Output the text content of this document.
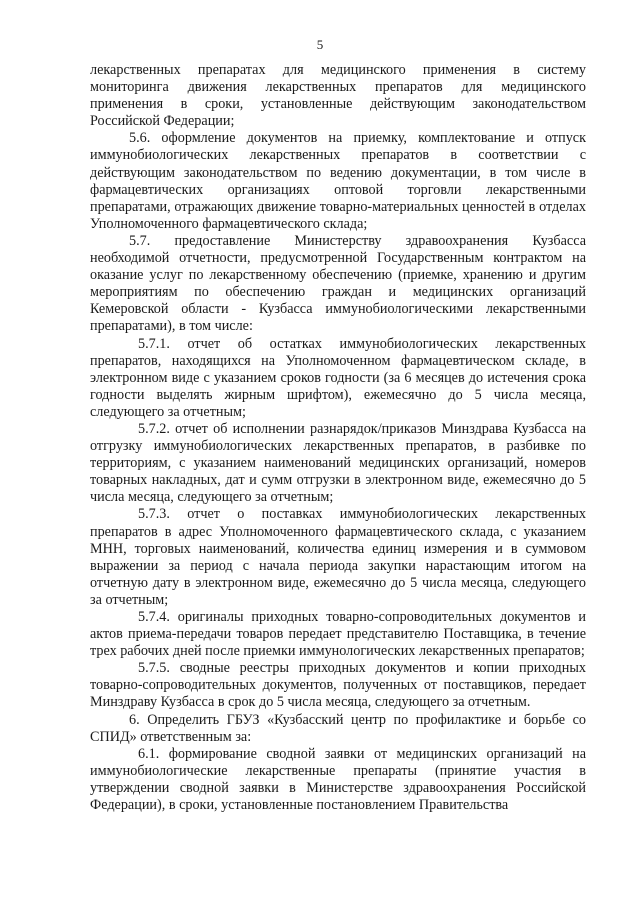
5

лекарственных препаратах для медицинского применения в систему мониторинга движения лекарственных препаратов для медицинского применения в сроки, установленные действующим законодательством Российской Федерации;

5.6. оформление документов на приемку, комплектование и отпуск иммунобиологических лекарственных препаратов в соответствии с действующим законодательством по ведению документации, в том числе в фармацевтических организациях оптовой торговли лекарственными препаратами, отражающих движение товарно-материальных ценностей в отделах Уполномоченного фармацевтического склада;

5.7. предоставление Министерству здравоохранения Кузбасса необходимой отчетности, предусмотренной Государственным контрактом на оказание услуг по лекарственному обеспечению (приемке, хранению и другим мероприятиям по обеспечению граждан и медицинских организаций Кемеровской области - Кузбасса иммунобиологическими лекарственными препаратами), в том числе:

5.7.1. отчет об остатках иммунобиологических лекарственных препаратов, находящихся на Уполномоченном фармацевтическом складе, в электронном виде с указанием сроков годности (за 6 месяцев до истечения срока годности выделять жирным шрифтом), ежемесячно до 5 числа месяца, следующего за отчетным;

5.7.2. отчет об исполнении разнарядок/приказов Минздрава Кузбасса на отгрузку иммунобиологических лекарственных препаратов, в разбивке по территориям, с указанием наименований медицинских организаций, номеров товарных накладных, дат и сумм отгрузки в электронном виде, ежемесячно до 5 числа месяца, следующего за отчетным;

5.7.3. отчет о поставках иммунобиологических лекарственных препаратов в адрес Уполномоченного фармацевтического склада, с указанием МНН, торговых наименований, количества единиц измерения и в суммовом выражении за период с начала периода закупки нарастающим итогом на отчетную дату в электронном виде, ежемесячно до 5 числа месяца, следующего за отчетным;

5.7.4. оригиналы приходных товарно-сопроводительных документов и актов приема-передачи товаров передает представителю Поставщика, в течение трех рабочих дней после приемки иммунологических лекарственных препаратов;

5.7.5. сводные реестры приходных документов и копии приходных товарно-сопроводительных документов, полученных от поставщиков, передает Минздраву Кузбасса в срок до 5 числа месяца, следующего за отчетным.

6. Определить ГБУЗ «Кузбасский центр по профилактике и борьбе со СПИД» ответственным за:

6.1. формирование сводной заявки от медицинских организаций на иммунобиологические лекарственные препараты (принятие участия в утверждении сводной заявки в Министерстве здравоохранения Российской Федерации), в сроки, установленные постановлением Правительства
